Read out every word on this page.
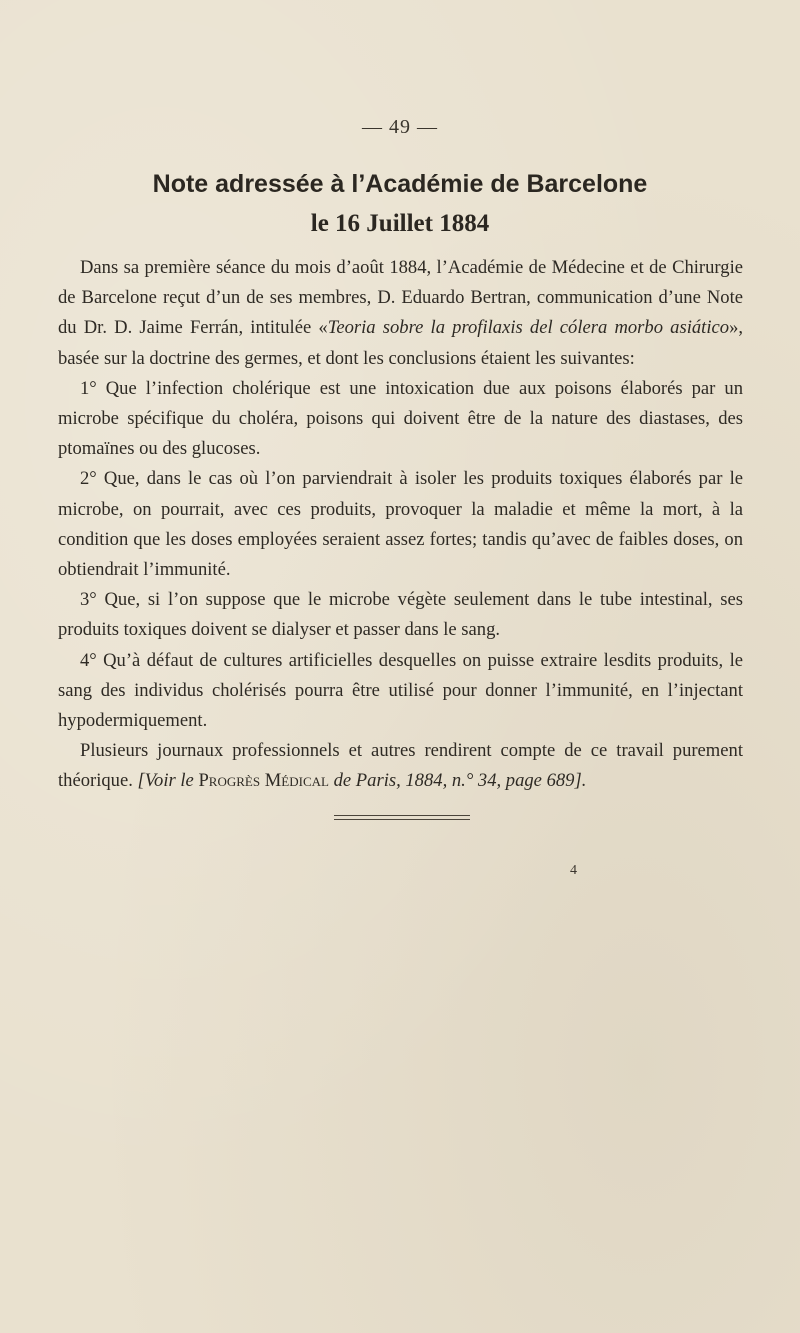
— 49 —
Note adressée à l’Académie de Barcelone
le 16 Juillet 1884

Dans sa première séance du mois d’août 1884, l’Académie de Médecine et de Chirurgie de Barcelone reçut d’un de ses membres, D. Eduardo Bertran, communication d’une Note du Dr. D. Jaime Ferrán, intitulée «Teoria sobre la profilaxis del cólera morbo asiático», basée sur la doctrine des germes, et dont les conclusions étaient les suivantes:

1° Que l’infection cholérique est une intoxication due aux poisons élaborés par un microbe spécifique du choléra, poisons qui doivent être de la nature des diastases, des ptomaïnes ou des glucoses.

2° Que, dans le cas où l’on parviendrait à isoler les produits toxiques élaborés par le microbe, on pourrait, avec ces produits, provoquer la maladie et même la mort, à la condition que les doses employées seraient assez fortes; tandis qu’avec de faibles doses, on obtiendrait l’immunité.

3° Que, si l’on suppose que le microbe végète seulement dans le tube intestinal, ses produits toxiques doivent se dialyser et passer dans le sang.

4° Qu’à défaut de cultures artificielles desquelles on puisse extraire lesdits produits, le sang des individus cholérisés pourra être utilisé pour donner l’immunité, en l’injectant hypodermiquement.

Plusieurs journaux professionnels et autres rendirent compte de ce travail purement théorique. [Voir le Progrès Médical de Paris, 1884, n.° 34, page 689].

4
